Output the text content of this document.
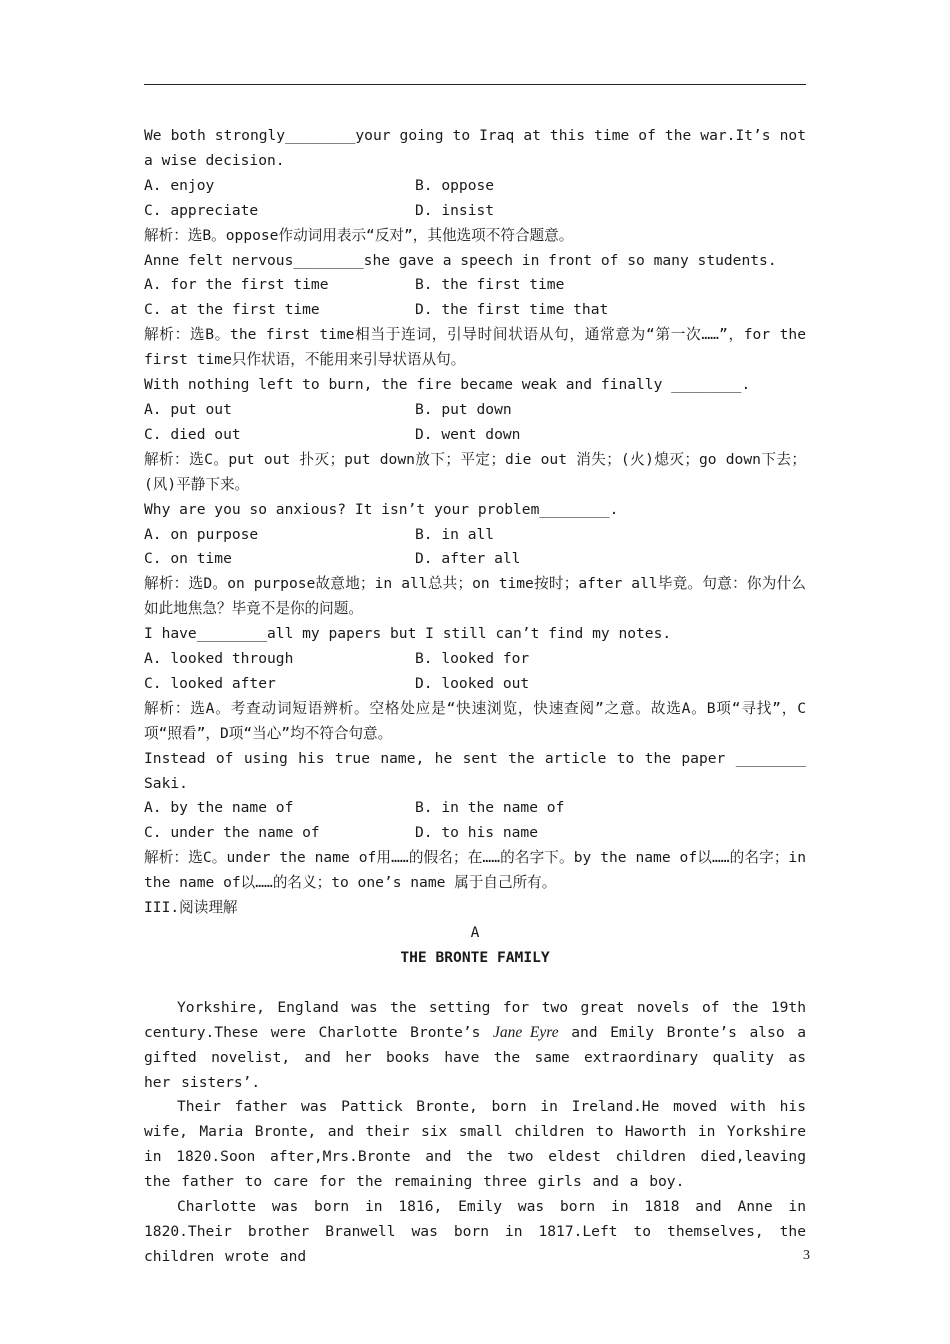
We both strongly________your going to Iraq at this time of the war.It’s not a wise decision.

A. enjoy	B. oppose
C. appreciate	D. insist

解析：选B。oppose作动词用表示“反对”，其他选项不符合题意。

Anne felt nervous________she gave a speech in front of so many students.

A. for the first time	B. the first time
C. at the first time	D. the first time that

解析：选B。the first time相当于连词，引导时间状语从句，通常意为“第一次……”，for the first time只作状语，不能用来引导状语从句。

With nothing left to burn, the fire became weak and finally ________.

A. put out	B. put down
C. died out	D. went down

解析：选C。put out 扑灭；put down放下；平定；die out 消失；(火)熄灭；go down下去；(风)平静下来。

Why are you so anxious? It isn’t your problem________.

A. on purpose	B. in all
C. on time	D. after all

解析：选D。on purpose故意地；in all总共；on time按时；after all毕竟。句意：你为什么如此地焦急？毕竟不是你的问题。

I have________all my papers but I still can’t find my notes.

A. looked through	B. looked for
C. looked after	D. looked out

解析：选A。考查动词短语辨析。空格处应是“快速浏览，快速查阅”之意。故选A。B项“寻找”，C项“照看”，D项“当心”均不符合句意。

Instead of using his true name, he sent the article to the paper ________ Saki.

A. by the name of	B. in the name of
C. under the name of	D. to his name

解析：选C。under the name of用……的假名；在……的名字下。by the name of以……的名字；in the name of以……的名义；to one’s name 属于自己所有。

III.阅读理解

A

THE BRONTE FAMILY

Yorkshire, England was the setting for two great novels of the 19th century.These were Charlotte Bronte’s Jane Eyre and Emily Bronte’s also a gifted novelist, and her books have the same extraordinary quality as her sisters’.

Their father was Pattick Bronte, born in Ireland.He moved with his wife, Maria Bronte, and their six small children to Haworth in Yorkshire in 1820.Soon after,Mrs.Bronte and the two eldest children died,leaving the father to care for the remaining three girls and a boy.

Charlotte was born in 1816, Emily was born in 1818 and Anne in 1820.Their brother Branwell was born in 1817.Left to themselves, the children wrote and	3
